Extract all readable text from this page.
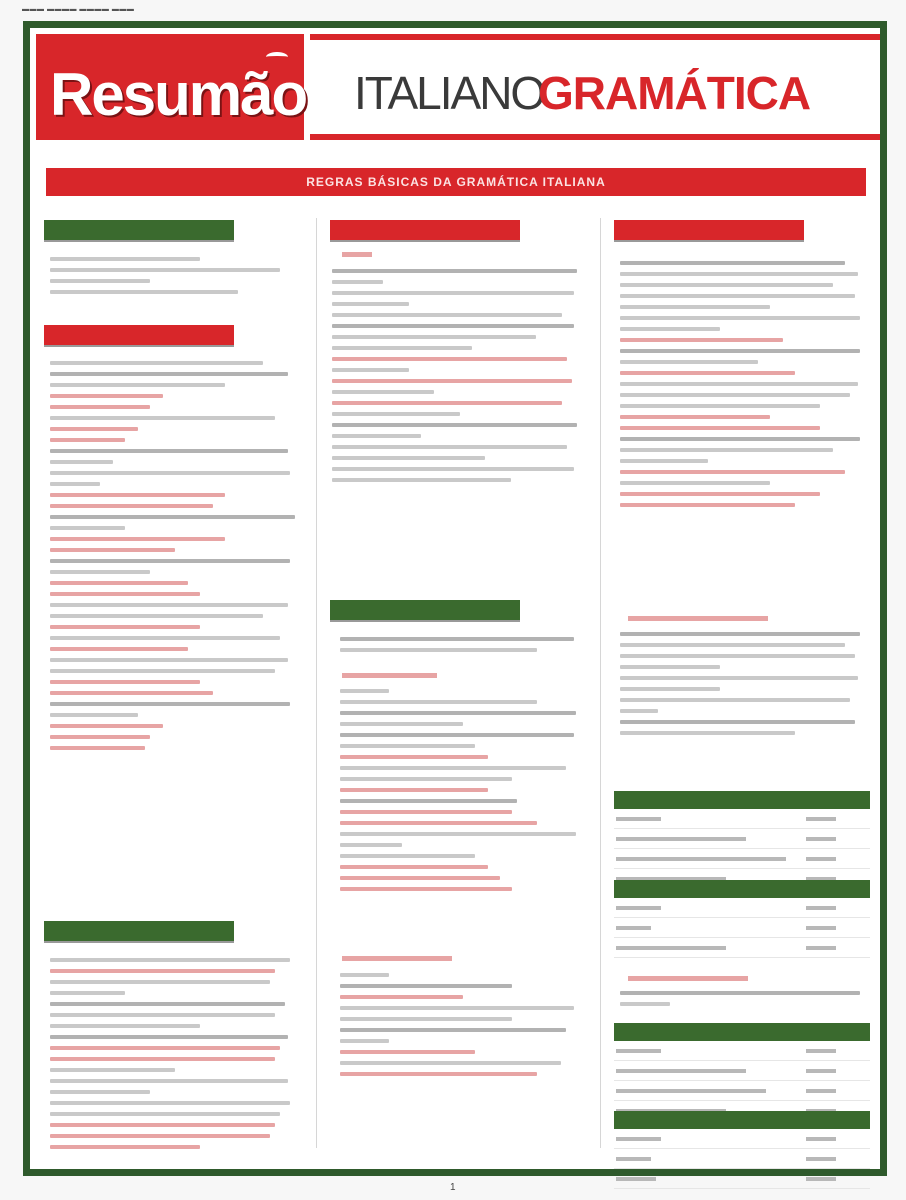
▬▬▬ ▬▬▬▬ ▬▬▬▬ ▬▬▬
Resumão ITALIANO
GRAMÁTICA
REGRAS BÁSICAS DA GRAMÁTICA ITALIANA

1
